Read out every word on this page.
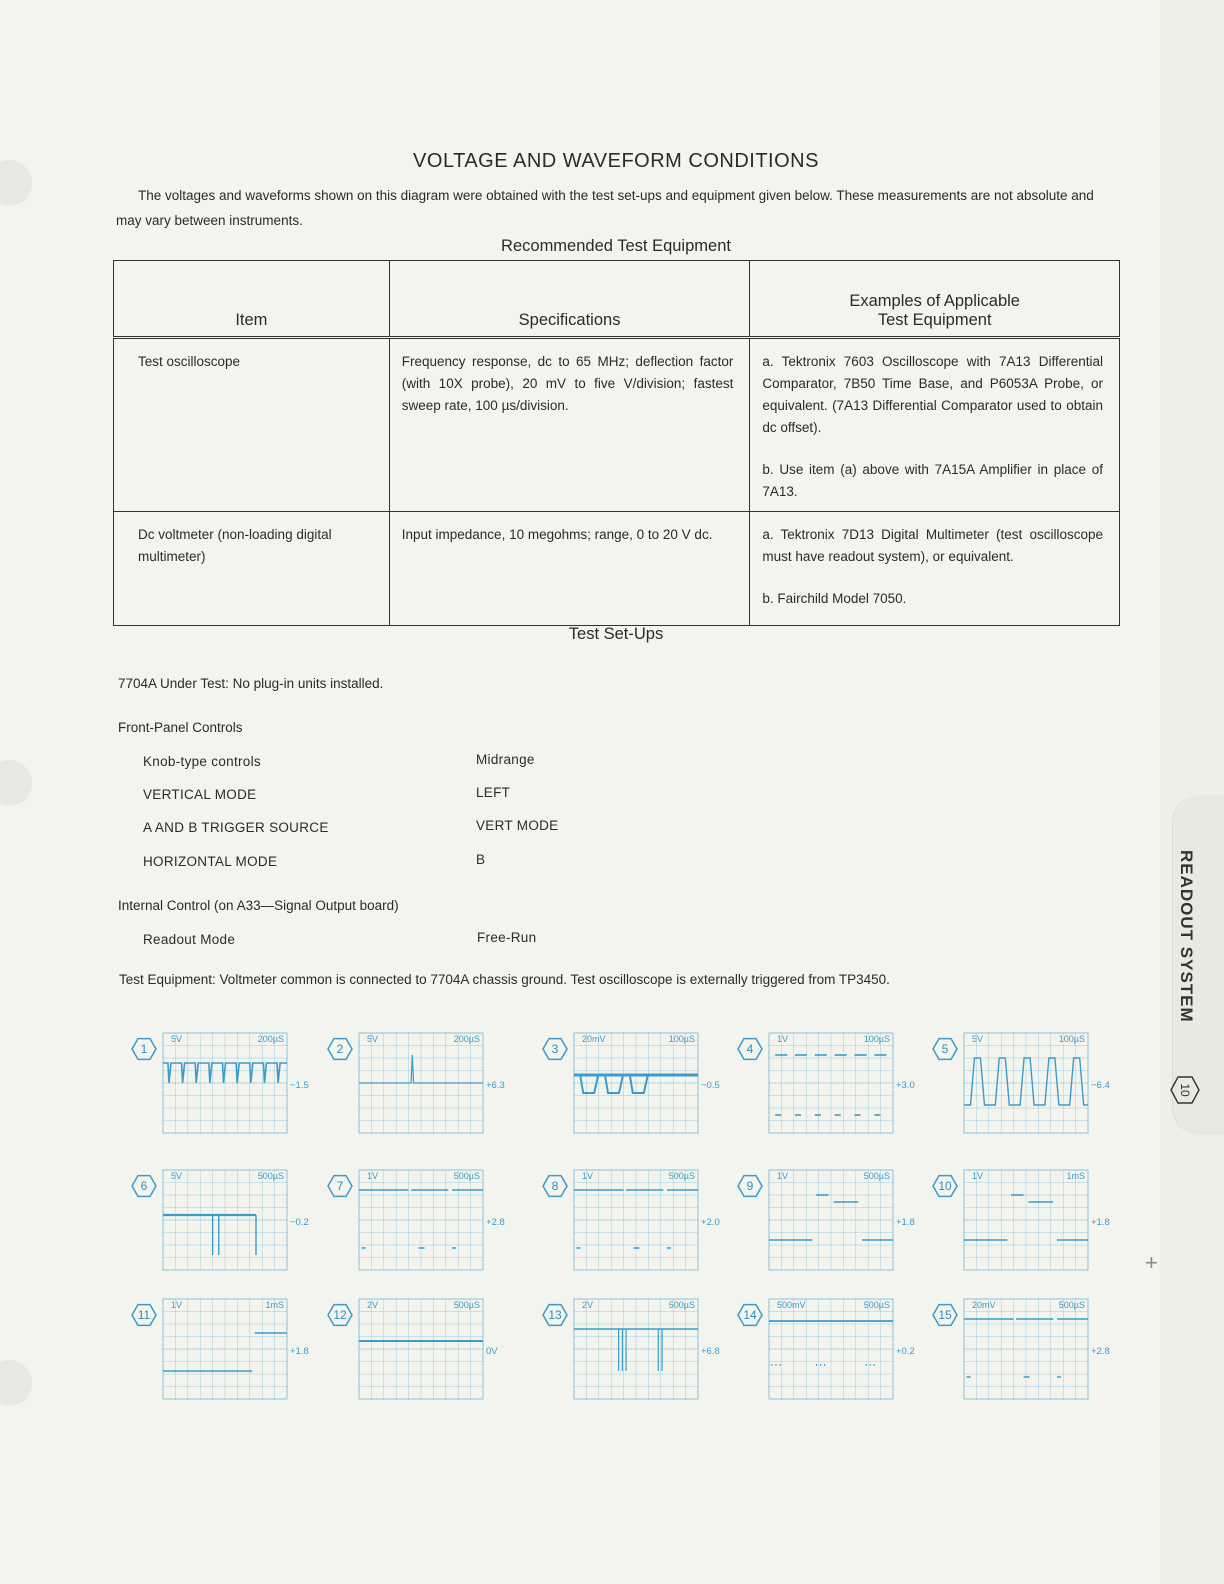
READOUT SYSTEM
10
+
VOLTAGE AND WAVEFORM CONDITIONS
The voltages and waveforms shown on this diagram were obtained with the test set-ups and equipment given below. These measurements are not absolute and may vary between instruments.
Recommended Test Equipment
Item	Specifications	Examples of Applicable
Test Equipment

Test oscilloscope	Frequency response, dc to 65 MHz; deflection factor (with 10X probe), 20 mV to five V/division; fastest sweep rate, 100 µs/division.	a. Tektronix 7603 Oscilloscope with 7A13 Differential Comparator, 7B50 Time Base, and P6053A Probe, or equivalent. (7A13 Differential Comparator used to obtain dc offset).
b. Use item (a) above with 7A15A Amplifier in place of 7A13.

Dc voltmeter (non-loading digital multimeter)	Input impedance, 10 megohms; range, 0 to 20 V dc.	a. Tektronix 7D13 Digital Multimeter (test oscilloscope must have readout system), or equivalent.
b. Fairchild Model 7050.
Test Set-Ups
7704A Under Test: No plug-in units installed.
Front-Panel Controls
Knob-type controls	Midrange
VERTICAL MODE	LEFT
A AND B TRIGGER SOURCE	VERT MODE
HORIZONTAL MODE	B
Internal Control (on A33—Signal Output board)
Readout Mode	Free-Run
Test Equipment: Voltmeter common is connected to 7704A chassis ground. Test oscilloscope is externally triggered from TP3450.
1
5V	200µS
−1.5
2
5V	200µS
+6.3
3
20mV	100µS
−0.5
4
1V	100µS
+3.0
5
5V	100µS
−6.4
6
5V	500µS
−0.2
7
1V	500µS
+2.8
8
1V	500µS
+2.0
9
1V	500µS
+1.8
10
1V	1mS
+1.8
11
1V	1mS
+1.8
12
2V	500µS
0V
13
2V	500µS
+6.8
14
500mV	500µS
+0.2
15
20mV	500µS
+2.8
